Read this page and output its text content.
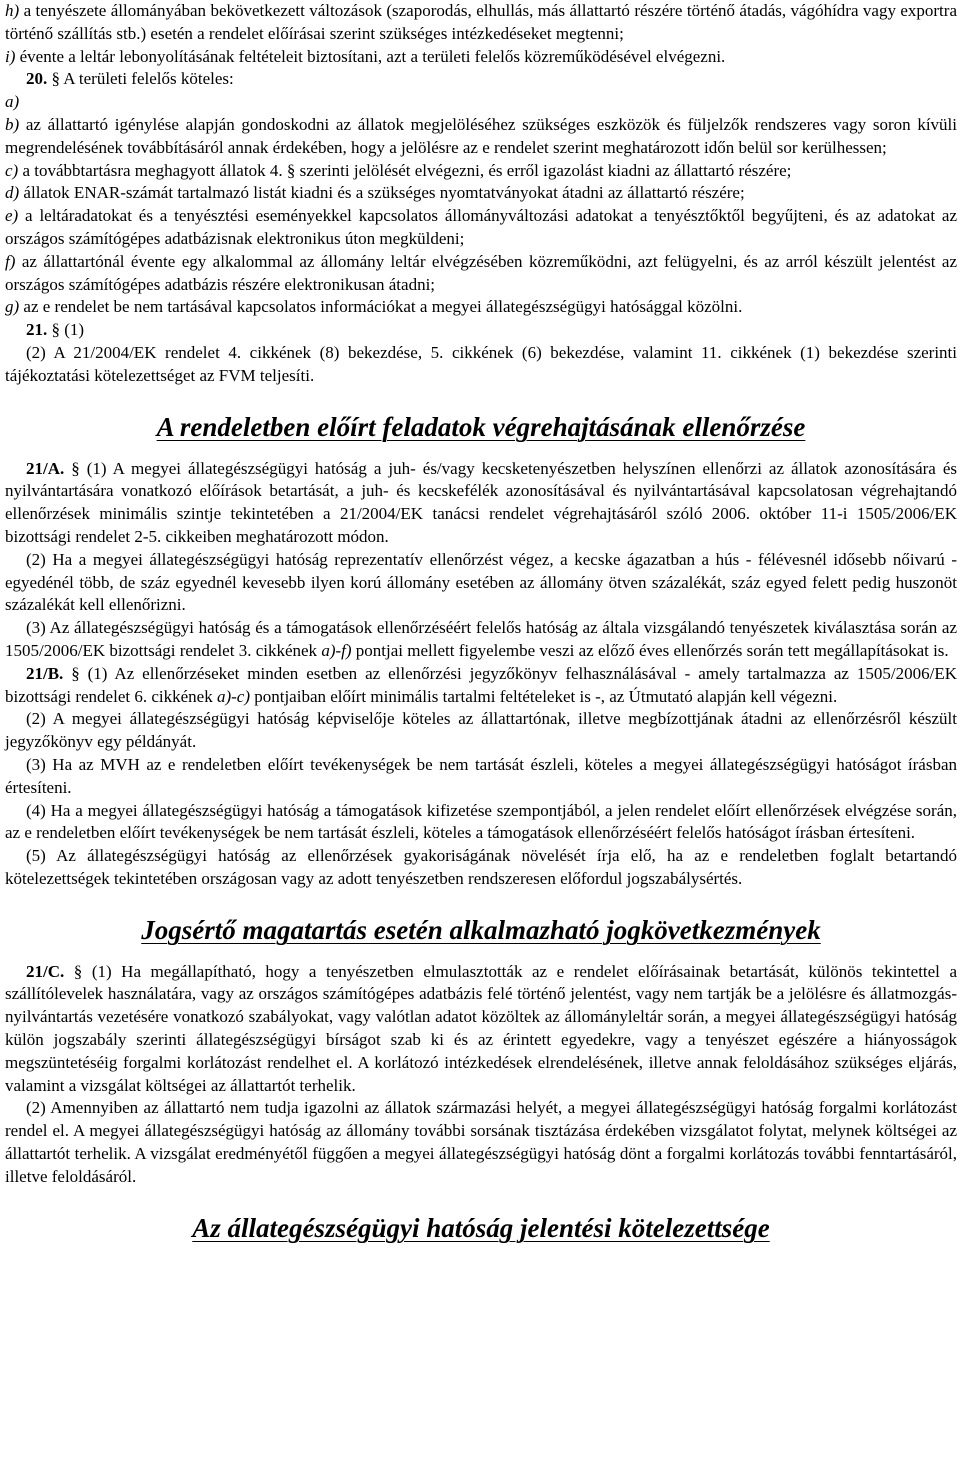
h) a tenyészete állományában bekövetkezett változások (szaporodás, elhullás, más állattartó részére történő átadás, vágóhídra vagy exportra történő szállítás stb.) esetén a rendelet előírásai szerint szükséges intézkedéseket megtenni;

i) évente a leltár lebonyolításának feltételeit biztosítani, azt a területi felelős közreműködésével elvégezni.

20. § A területi felelős köteles:

a)

b) az állattartó igénylése alapján gondoskodni az állatok megjelöléséhez szükséges eszközök és füljelzők rendszeres vagy soron kívüli megrendelésének továbbításáról annak érdekében, hogy a jelölésre az e rendelet szerint meghatározott időn belül sor kerülhessen;

c) a továbbtartásra meghagyott állatok 4. § szerinti jelölését elvégezni, és erről igazolást kiadni az állattartó részére;

d) állatok ENAR-számát tartalmazó listát kiadni és a szükséges nyomtatványokat átadni az állattartó részére;

e) a leltáradatokat és a tenyésztési eseményekkel kapcsolatos állományváltozási adatokat a tenyésztőktől begyűjteni, és az adatokat az országos számítógépes adatbázisnak elektronikus úton megküldeni;

f) az állattartónál évente egy alkalommal az állomány leltár elvégzésében közreműködni, azt felügyelni, és az arról készült jelentést az országos számítógépes adatbázis részére elektronikusan átadni;

g) az e rendelet be nem tartásával kapcsolatos információkat a megyei állategészségügyi hatósággal közölni.

21. § (1)

(2) A 21/2004/EK rendelet 4. cikkének (8) bekezdése, 5. cikkének (6) bekezdése, valamint 11. cikkének (1) bekezdése szerinti tájékoztatási kötelezettséget az FVM teljesíti.

A rendeletben előírt feladatok végrehajtásának ellenőrzése

21/A. § (1) A megyei állategészségügyi hatóság a juh- és/vagy kecsketenyészetben helyszínen ellenőrzi az állatok azonosítására és nyilvántartására vonatkozó előírások betartását, a juh- és kecskefélék azonosításával és nyilvántartásával kapcsolatosan végrehajtandó ellenőrzések minimális szintje tekintetében a 21/2004/EK tanácsi rendelet végrehajtásáról szóló 2006. október 11-i 1505/2006/EK bizottsági rendelet 2-5. cikkeiben meghatározott módon.

(2) Ha a megyei állategészségügyi hatóság reprezentatív ellenőrzést végez, a kecske ágazatban a hús - félévesnél idősebb nőivarú - egyedénél több, de száz egyednél kevesebb ilyen korú állomány esetében az állomány ötven százalékát, száz egyed felett pedig huszonöt százalékát kell ellenőrizni.

(3) Az állategészségügyi hatóság és a támogatások ellenőrzéséért felelős hatóság az általa vizsgálandó tenyészetek kiválasztása során az 1505/2006/EK bizottsági rendelet 3. cikkének a)-f) pontjai mellett figyelembe veszi az előző éves ellenőrzés során tett megállapításokat is.

21/B. § (1) Az ellenőrzéseket minden esetben az ellenőrzési jegyzőkönyv felhasználásával - amely tartalmazza az 1505/2006/EK bizottsági rendelet 6. cikkének a)-c) pontjaiban előírt minimális tartalmi feltételeket is -, az Útmutató alapján kell végezni.

(2) A megyei állategészségügyi hatóság képviselője köteles az állattartónak, illetve megbízottjának átadni az ellenőrzésről készült jegyzőkönyv egy példányát.

(3) Ha az MVH az e rendeletben előírt tevékenységek be nem tartását észleli, köteles a megyei állategészségügyi hatóságot írásban értesíteni.

(4) Ha a megyei állategészségügyi hatóság a támogatások kifizetése szempontjából, a jelen rendelet előírt ellenőrzések elvégzése során, az e rendeletben előírt tevékenységek be nem tartását észleli, köteles a támogatások ellenőrzéséért felelős hatóságot írásban értesíteni.

(5) Az állategészségügyi hatóság az ellenőrzések gyakoriságának növelését írja elő, ha az e rendeletben foglalt betartandó kötelezettségek tekintetében országosan vagy az adott tenyészetben rendszeresen előfordul jogszabálysértés.

Jogsértő magatartás esetén alkalmazható jogkövetkezmények

21/C. § (1) Ha megállapítható, hogy a tenyészetben elmulasztották az e rendelet előírásainak betartását, különös tekintettel a szállítólevelek használatára, vagy az országos számítógépes adatbázis felé történő jelentést, vagy nem tartják be a jelölésre és állatmozgás-nyilvántartás vezetésére vonatkozó szabályokat, vagy valótlan adatot közöltek az állományleltár során, a megyei állategészségügyi hatóság külön jogszabály szerinti állategészségügyi bírságot szab ki és az érintett egyedekre, vagy a tenyészet egészére a hiányosságok megszüntetéséig forgalmi korlátozást rendelhet el. A korlátozó intézkedések elrendelésének, illetve annak feloldásához szükséges eljárás, valamint a vizsgálat költségei az állattartót terhelik.

(2) Amennyiben az állattartó nem tudja igazolni az állatok származási helyét, a megyei állategészségügyi hatóság forgalmi korlátozást rendel el. A megyei állategészségügyi hatóság az állomány további sorsának tisztázása érdekében vizsgálatot folytat, melynek költségei az állattartót terhelik. A vizsgálat eredményétől függően a megyei állategészségügyi hatóság dönt a forgalmi korlátozás további fenntartásáról, illetve feloldásáról.

Az állategészségügyi hatóság jelentési kötelezettsége
